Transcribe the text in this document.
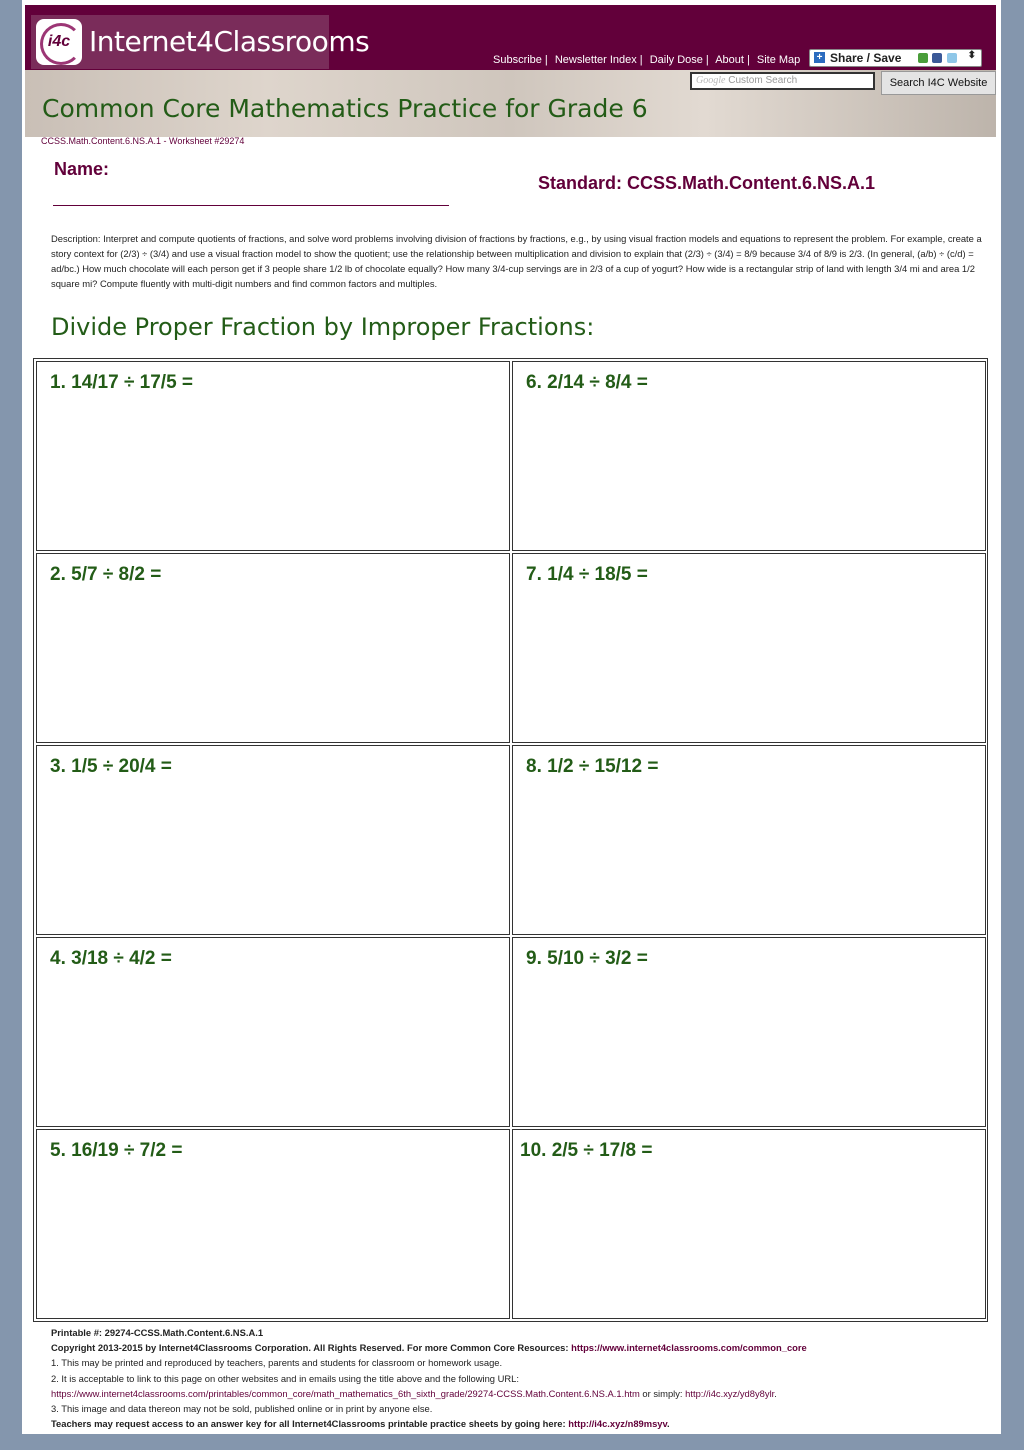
i4c Internet4Classrooms
Subscribe | Newsletter Index | Daily Dose | About | Site Map + Share / Save	⬍
Google Custom Search	Search I4C Website
Common Core Mathematics Practice for Grade 6
CCSS.Math.Content.6.NS.A.1 - Worksheet #29274
Name:
Standard: CCSS.Math.Content.6.NS.A.1
Description: Interpret and compute quotients of fractions, and solve word problems involving division of fractions by fractions, e.g., by using visual fraction models and equations to represent the problem. For example, create a story context for (2/3) ÷ (3/4) and use a visual fraction model to show the quotient; use the relationship between multiplication and division to explain that (2/3) ÷ (3/4) = 8/9 because 3/4 of 8/9 is 2/3. (In general, (a/b) ÷ (c/d) = ad/bc.) How much chocolate will each person get if 3 people share 1/2 lb of chocolate equally? How many 3/4-cup servings are in 2/3 of a cup of yogurt? How wide is a rectangular strip of land with length 3/4 mi and area 1/2 square mi? Compute fluently with multi-digit numbers and find common factors and multiples.
Divide Proper Fraction by Improper Fractions:
1. 14/17 ÷ 17/5 =
2. 5/7 ÷ 8/2 =
3. 1/5 ÷ 20/4 =
4. 3/18 ÷ 4/2 =
5. 16/19 ÷ 7/2 =
6. 2/14 ÷ 8/4 =
7. 1/4 ÷ 18/5 =
8. 1/2 ÷ 15/12 =
9. 5/10 ÷ 3/2 =
10. 2/5 ÷ 17/8 =
Printable #: 29274-CCSS.Math.Content.6.NS.A.1
Copyright 2013-2015 by Internet4Classrooms Corporation. All Rights Reserved. For more Common Core Resources: https://www.internet4classrooms.com/common_core
1. This may be printed and reproduced by teachers, parents and students for classroom or homework usage.
2. It is acceptable to link to this page on other websites and in emails using the title above and the following URL:
https://www.internet4classrooms.com/printables/common_core/math_mathematics_6th_sixth_grade/29274-CCSS.Math.Content.6.NS.A.1.htm or simply: http://i4c.xyz/yd8y8ylr.
3. This image and data thereon may not be sold, published online or in print by anyone else.
Teachers may request access to an answer key for all Internet4Classrooms printable practice sheets by going here: http://i4c.xyz/n89msyv.
